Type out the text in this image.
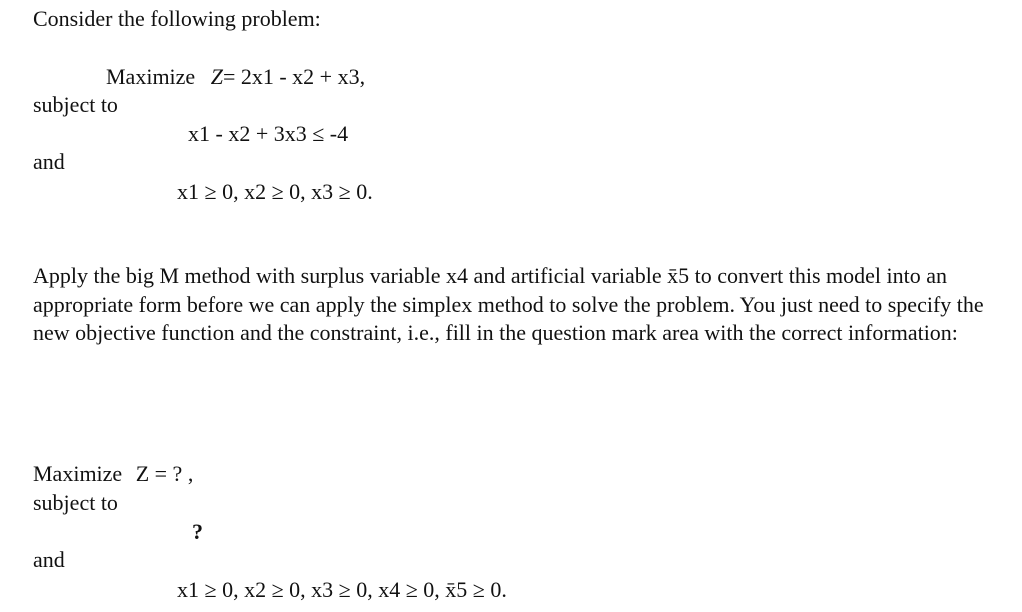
Consider the following problem:
Maximize Z= 2x1 - x2 + x3,
subject to
x1 - x2 + 3x3 ≤ -4
and
x1 ≥ 0, x2 ≥ 0, x3 ≥ 0.
Apply the big M method with surplus variable x4 and artificial variable x̄5 to convert this model into an appropriate form before we can apply the simplex method to solve the problem. You just need to specify the new objective function and the constraint, i.e., fill in the question mark area with the correct information:
Maximize Z = ? ,
subject to
?
and
x1 ≥ 0, x2 ≥ 0, x3 ≥ 0, x4 ≥ 0, x̄5 ≥ 0.
